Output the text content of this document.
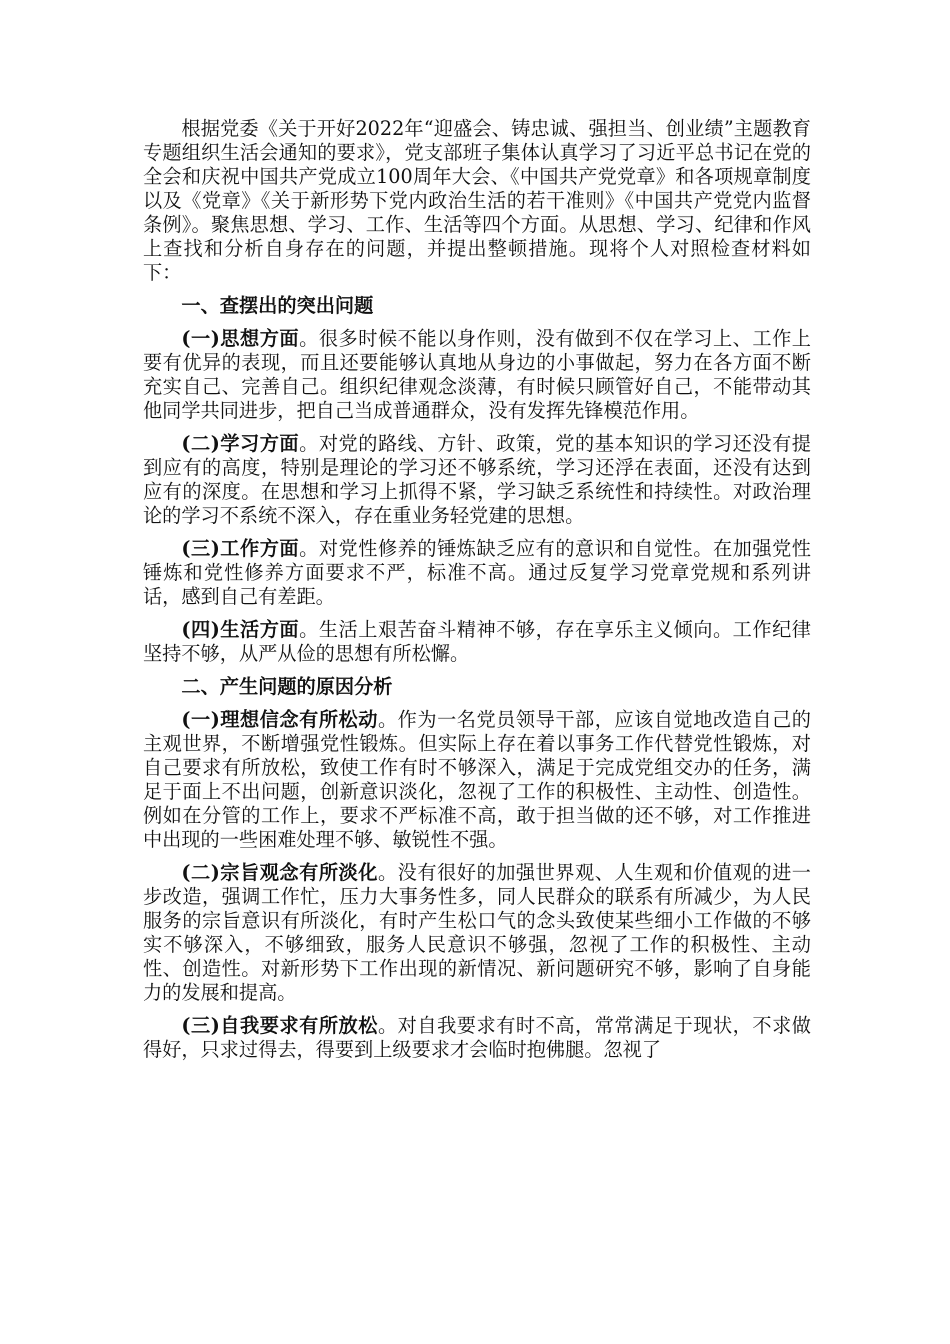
根据党委《关于开好2022年“迎盛会、铸忠诚、强担当、创业绩”主题教育专题组织生活会通知的要求》，党支部班子集体认真学习了习近平总书记在党的全会和庆祝中国共产党成立100周年大会、《中国共产党党章》和各项规章制度以及《党章》《关于新形势下党内政治生活的若干准则》《中国共产党党内监督条例》。聚焦思想、学习、工作、生活等四个方面。从思想、学习、纪律和作风上查找和分析自身存在的问题，并提出整顿措施。现将个人对照检查材料如下：

一、查摆出的突出问题

(一)思想方面。很多时候不能以身作则，没有做到不仅在学习上、工作上要有优异的表现，而且还要能够认真地从身边的小事做起，努力在各方面不断充实自己、完善自己。组织纪律观念淡薄，有时候只顾管好自己，不能带动其他同学共同进步，把自己当成普通群众，没有发挥先锋模范作用。

(二)学习方面。对党的路线、方针、政策，党的基本知识的学习还没有提到应有的高度，特别是理论的学习还不够系统，学习还浮在表面，还没有达到应有的深度。在思想和学习上抓得不紧，学习缺乏系统性和持续性。对政治理论的学习不系统不深入，存在重业务轻党建的思想。

(三)工作方面。对党性修养的锤炼缺乏应有的意识和自觉性。在加强党性锤炼和党性修养方面要求不严，标准不高。通过反复学习党章党规和系列讲话，感到自己有差距。

(四)生活方面。生活上艰苦奋斗精神不够，存在享乐主义倾向。工作纪律坚持不够，从严从俭的思想有所松懈。

二、产生问题的原因分析

(一)理想信念有所松动。作为一名党员领导干部，应该自觉地改造自己的主观世界，不断增强党性锻炼。但实际上存在着以事务工作代替党性锻炼，对自己要求有所放松，致使工作有时不够深入，满足于完成党组交办的任务，满足于面上不出问题，创新意识淡化，忽视了工作的积极性、主动性、创造性。例如在分管的工作上，要求不严标准不高，敢于担当做的还不够，对工作推进中出现的一些困难处理不够、敏锐性不强。

(二)宗旨观念有所淡化。没有很好的加强世界观、人生观和价值观的进一步改造，强调工作忙，压力大事务性多，同人民群众的联系有所减少，为人民服务的宗旨意识有所淡化，有时产生松口气的念头致使某些细小工作做的不够实不够深入，不够细致，服务人民意识不够强，忽视了工作的积极性、主动性、创造性。对新形势下工作出现的新情况、新问题研究不够，影响了自身能力的发展和提高。

(三)自我要求有所放松。对自我要求有时不高，常常满足于现状，不求做得好，只求过得去，得要到上级要求才会临时抱佛腿。忽视了
